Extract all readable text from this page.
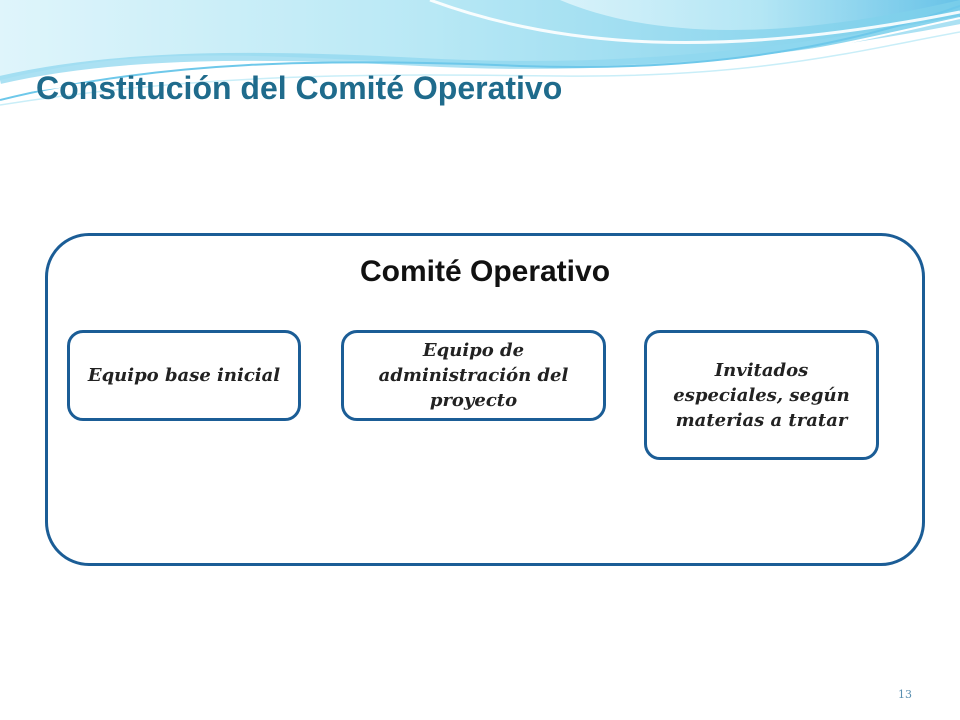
Constitución del Comité Operativo
Comité Operativo
Equipo base inicial
Equipo de administración del proyecto
Invitados especiales, según materias a tratar
13
